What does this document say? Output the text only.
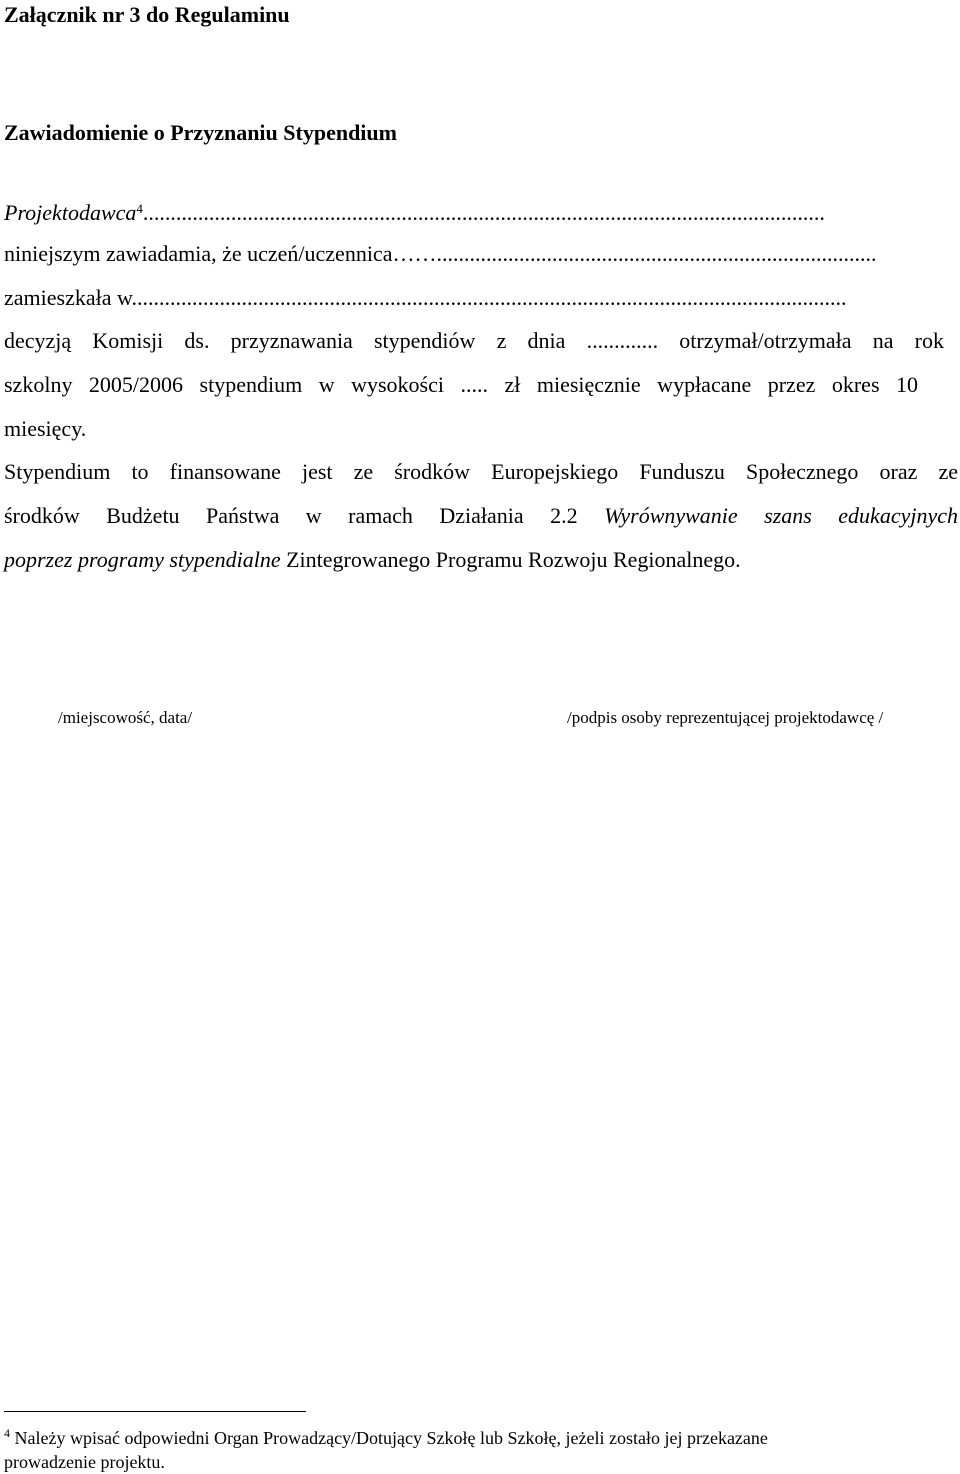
Załącznik nr 3 do Regulaminu
Zawiadomienie o Przyznaniu Stypendium
Projektodawca$^4$............................................................................................................................
niniejszym zawiadamia, że uczeń/uczennica……................................................................................
zamieszkała w..................................................................................................................................
decyzją Komisji ds. przyznawania stypendiów z dnia ............. otrzymał/otrzymała na rok
szkolny 2005/2006 stypendium w wysokości ..... zł miesięcznie wypłacane przez okres 10
miesięcy.
Stypendium to finansowane jest ze środków Europejskiego Funduszu Społecznego oraz ze
środków Budżetu Państwa w ramach Działania 2.2 Wyrównywanie szans edukacyjnych
poprzez programy stypendialne Zintegrowanego Programu Rozwoju Regionalnego.
/miejscowość, data/	/podpis osoby reprezentującej projektodawcę /
$^4$ Należy wpisać odpowiedni Organ Prowadzący/Dotujący Szkołę lub Szkołę, jeżeli zostało jej przekazane
prowadzenie projektu.
